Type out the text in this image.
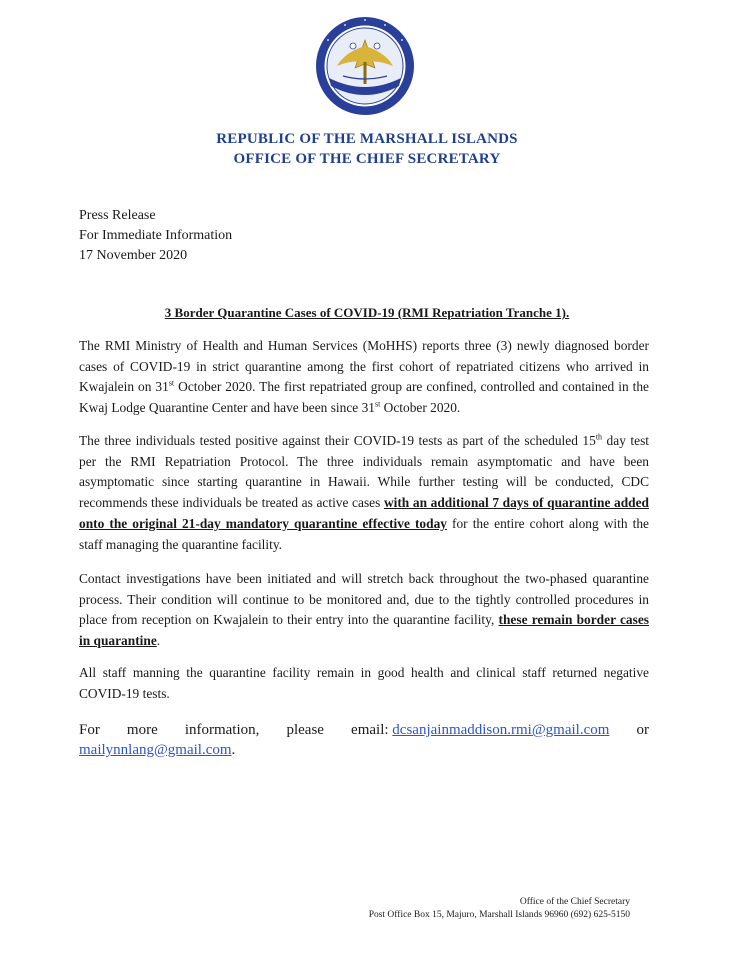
REPUBLIC OF THE MARSHALL ISLANDS
OFFICE OF THE CHIEF SECRETARY
Press Release
For Immediate Information
17 November 2020
3 Border Quarantine Cases of COVID-19 (RMI Repatriation Tranche 1).
The RMI Ministry of Health and Human Services (MoHHS) reports three (3) newly diagnosed border cases of COVID-19 in strict quarantine among the first cohort of repatriated citizens who arrived in Kwajalein on 31st October 2020. The first repatriated group are confined, controlled and contained in the Kwaj Lodge Quarantine Center and have been since 31st October 2020.
The three individuals tested positive against their COVID-19 tests as part of the scheduled 15th day test per the RMI Repatriation Protocol. The three individuals remain asymptomatic and have been asymptomatic since starting quarantine in Hawaii. While further testing will be conducted, CDC recommends these individuals be treated as active cases with an additional 7 days of quarantine added onto the original 21-day mandatory quarantine effective today for the entire cohort along with the staff managing the quarantine facility.
Contact investigations have been initiated and will stretch back throughout the two-phased quarantine process. Their condition will continue to be monitored and, due to the tightly controlled procedures in place from reception on Kwajalein to their entry into the quarantine facility, these remain border cases in quarantine.
All staff manning the quarantine facility remain in good health and clinical staff returned negative COVID-19 tests.
For more information, please email: dcsanjainmaddison.rmi@gmail.com or
mailynnlang@gmail.com.
Office of the Chief Secretary
Post Office Box 15, Majuro, Marshall Islands 96960 (692) 625-5150
